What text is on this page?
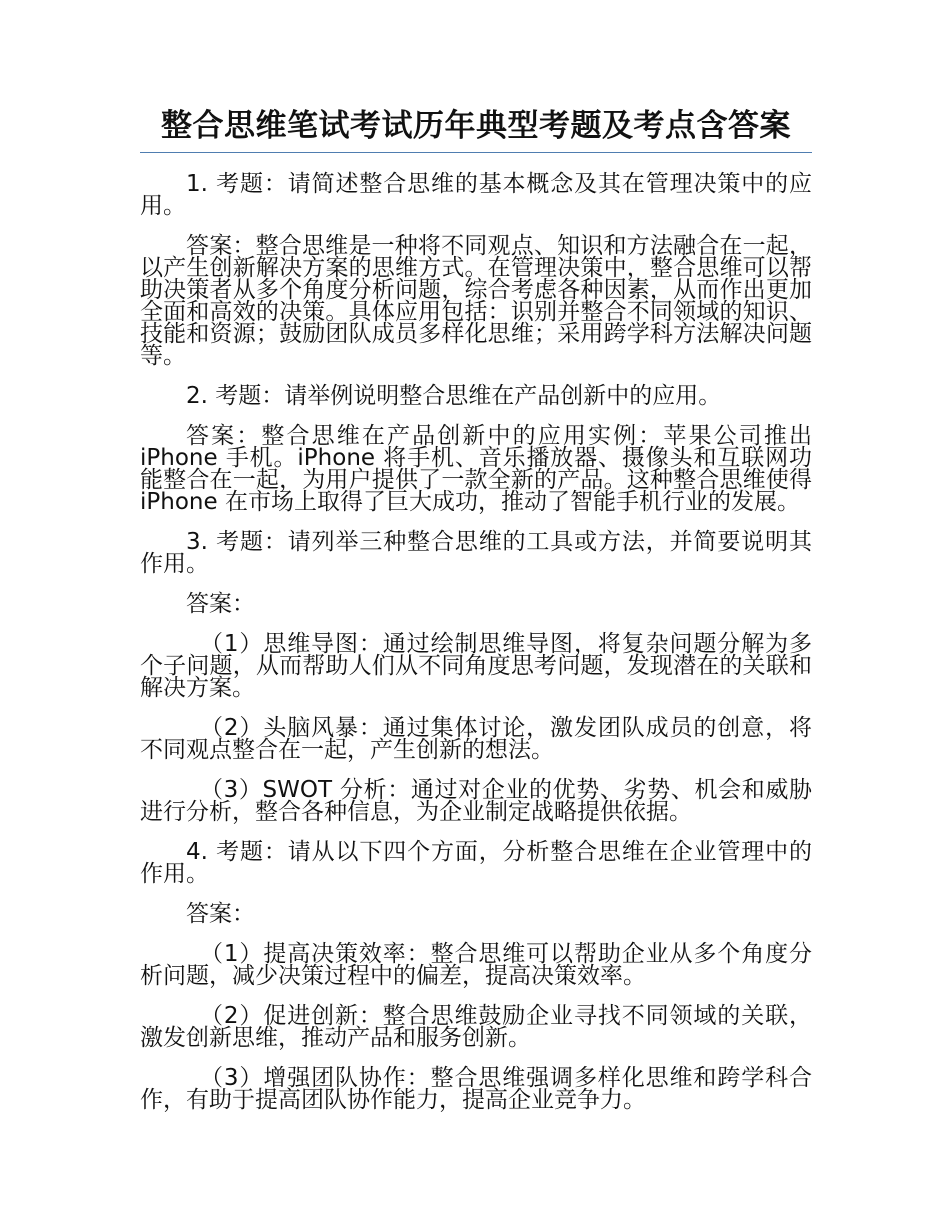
整合思维笔试考试历年典型考题及考点含答案

1. 考题：请简述整合思维的基本概念及其在管理决策中的应用。

答案：整合思维是一种将不同观点、知识和方法融合在一起，以产生创新解决方案的思维方式。在管理决策中，整合思维可以帮助决策者从多个角度分析问题，综合考虑各种因素，从而作出更加全面和高效的决策。具体应用包括：识别并整合不同领域的知识、技能和资源；鼓励团队成员多样化思维；采用跨学科方法解决问题等。

2. 考题：请举例说明整合思维在产品创新中的应用。

答案：整合思维在产品创新中的应用实例：苹果公司推出 iPhone 手机。iPhone 将手机、音乐播放器、摄像头和互联网功能整合在一起，为用户提供了一款全新的产品。这种整合思维使得 iPhone 在市场上取得了巨大成功，推动了智能手机行业的发展。

3. 考题：请列举三种整合思维的工具或方法，并简要说明其作用。

答案：

（1）思维导图：通过绘制思维导图，将复杂问题分解为多个子问题，从而帮助人们从不同角度思考问题，发现潜在的关联和解决方案。

（2）头脑风暴：通过集体讨论，激发团队成员的创意，将不同观点整合在一起，产生创新的想法。

（3）SWOT 分析：通过对企业的优势、劣势、机会和威胁进行分析，整合各种信息，为企业制定战略提供依据。

4. 考题：请从以下四个方面，分析整合思维在企业管理中的作用。

答案：

（1）提高决策效率：整合思维可以帮助企业从多个角度分析问题，减少决策过程中的偏差，提高决策效率。

（2）促进创新：整合思维鼓励企业寻找不同领域的关联，激发创新思维，推动产品和服务创新。

（3）增强团队协作：整合思维强调多样化思维和跨学科合作，有助于提高团队协作能力，提高企业竞争力。
